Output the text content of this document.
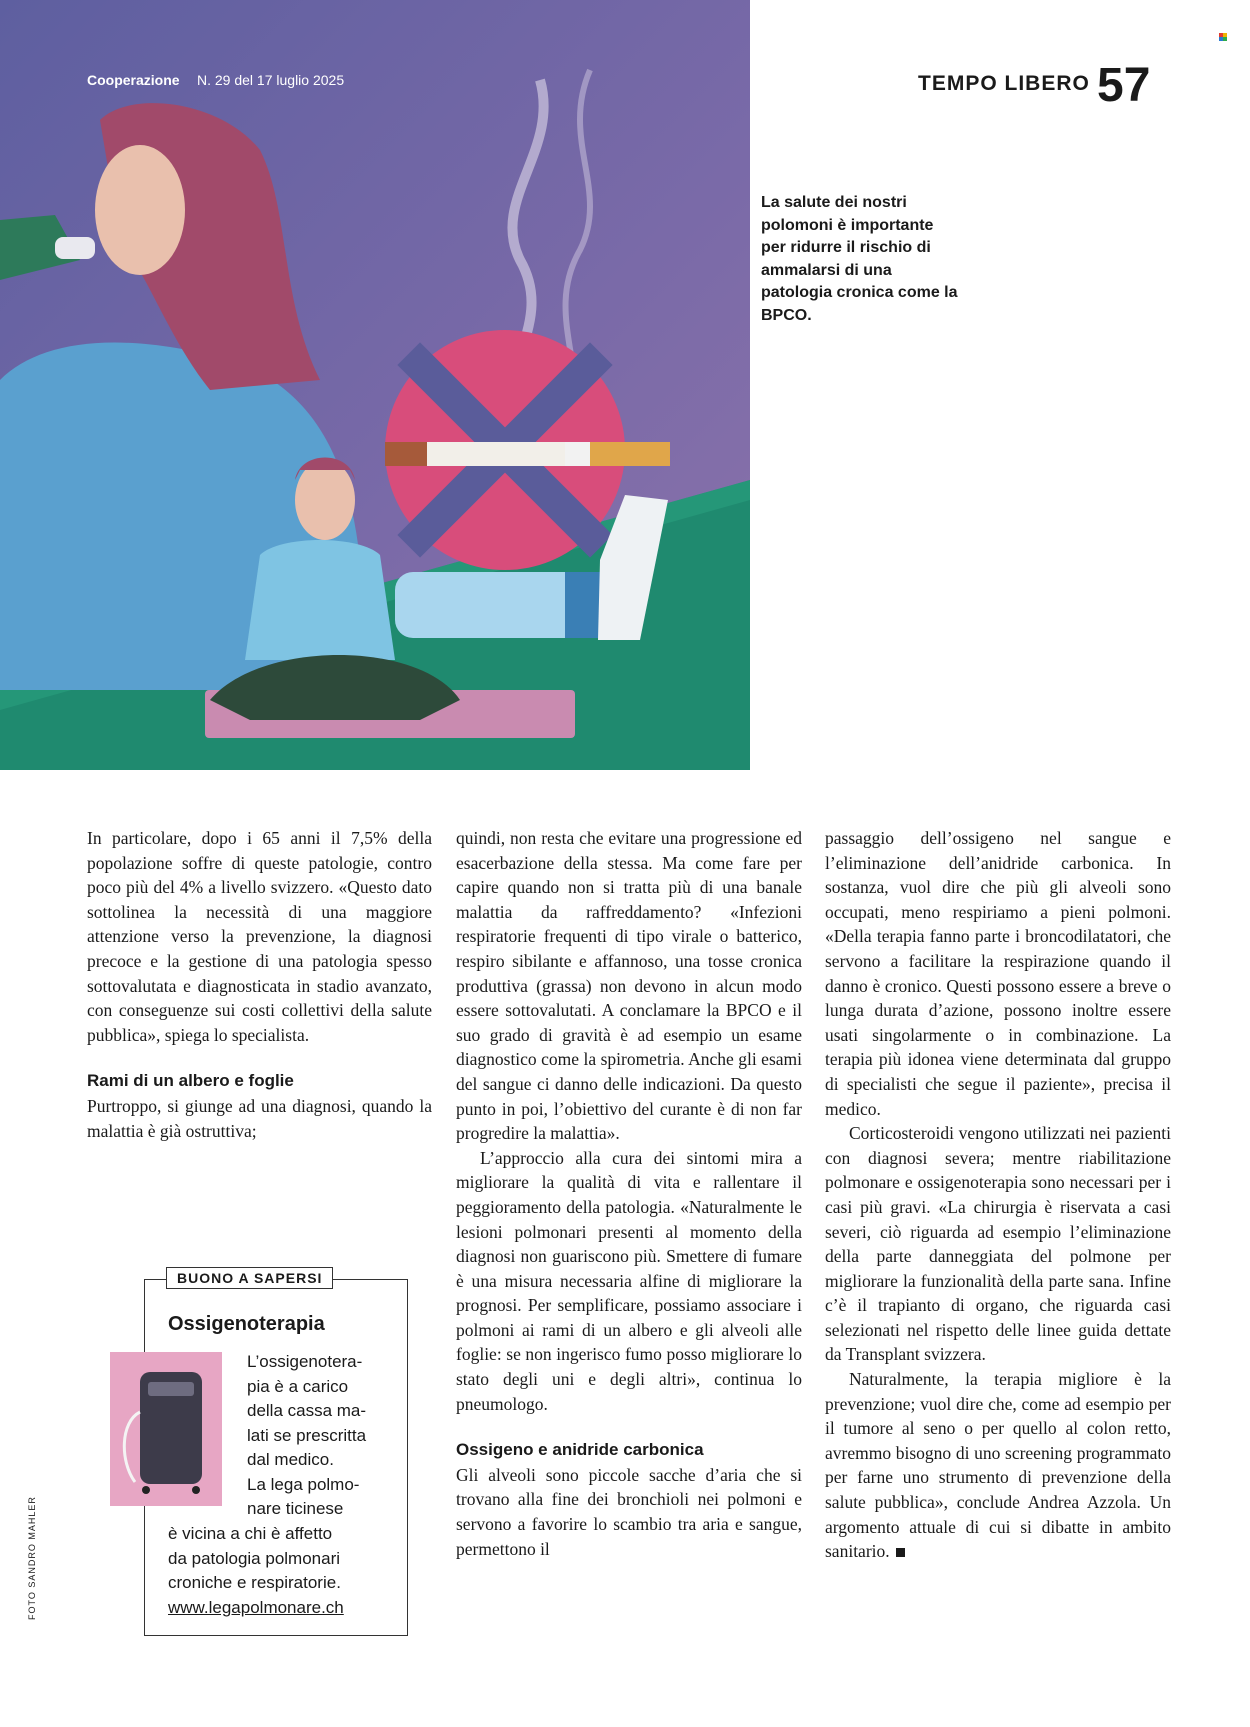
Cooperazione N. 29 del 17 luglio 2025	TEMPO LIBERO 57
La salute dei nostri polomoni è importante per ridurre il rischio di ammalarsi di una patologia cronica come la BPCO.

In particolare, dopo i 65 anni il 7,5% della popolazione soffre di queste patologie, contro poco più del 4% a livello svizzero. «Questo dato sottolinea la necessità di una maggiore attenzione verso la prevenzione, la diagnosi precoce e la gestione di una patologia spesso sottovalutata e diagnosticata in stadio avanzato, con conseguenze sui costi collettivi della salute pubblica», spiega lo specialista.

Rami di un albero e foglie

Purtroppo, si giunge ad una diagnosi, quando la malattia è già ostruttiva;

quindi, non resta che evitare una progressione ed esacerbazione della stessa. Ma come fare per capire quando non si tratta più di una banale malattia da raffreddamento? «Infezioni respiratorie frequenti di tipo virale o batterico, respiro sibilante e affannoso, una tosse cronica produttiva (grassa) non devono in alcun modo essere sottovalutati. A conclamare la BPCO e il suo grado di gravità è ad esempio un esame diagnostico come la spirometria. Anche gli esami del sangue ci danno delle indicazioni. Da questo punto in poi, l’obiettivo del curante è di non far progredire la malattia».

L’approccio alla cura dei sintomi mira a migliorare la qualità di vita e rallentare il peggioramento della patologia. «Naturalmente le lesioni polmonari presenti al momento della diagnosi non guariscono più. Smettere di fumare è una misura necessaria alfine di migliorare la prognosi. Per semplificare, possiamo associare i polmoni ai rami di un albero e gli alveoli alle foglie: se non ingerisco fumo posso migliorare lo stato degli uni e degli altri», continua lo pneumologo.

Ossigeno e anidride carbonica

Gli alveoli sono piccole sacche d’aria che si trovano alla fine dei bronchioli nei polmoni e servono a favorire lo scambio tra aria e sangue, permettono il

passaggio dell’ossigeno nel sangue e l’eliminazione dell’anidride carbonica. In sostanza, vuol dire che più gli alveoli sono occupati, meno respiriamo a pieni polmoni. «Della terapia fanno parte i broncodilatatori, che servono a facilitare la respirazione quando il danno è cronico. Questi possono essere a breve o lunga durata d’azione, possono inoltre essere usati singolarmente o in combinazione. La terapia più idonea viene determinata dal gruppo di specialisti che segue il paziente», precisa il medico.

Corticosteroidi vengono utilizzati nei pazienti con diagnosi severa; mentre riabilitazione polmonare e ossigenoterapia sono necessari per i casi più gravi. «La chirurgia è riservata a casi severi, ciò riguarda ad esempio l’eliminazione della parte danneggiata del polmone per migliorare la funzionalità della parte sana. Infine c’è il trapianto di organo, che riguarda casi selezionati nel rispetto delle linee guida dettate da Transplant svizzera.

Naturalmente, la terapia migliore è la prevenzione; vuol dire che, come ad esempio per il tumore al seno o per quello al colon retto, avremmo bisogno di uno screening programmato per farne uno strumento di prevenzione della salute pubblica», conclude Andrea Azzola. Un argomento attuale di cui si dibatte in ambito sanitario.

BUONO A SAPERSI
Ossigenoterapia
L’ossigenotera-
pia è a carico
della cassa ma-
lati se prescritta
dal medico.
La lega polmo-
nare ticinese
è vicina a chi è affetto
da patologia polmonari
croniche e respiratorie.
www.legapolmonare.ch
FOTO SANDRO MAHLER
